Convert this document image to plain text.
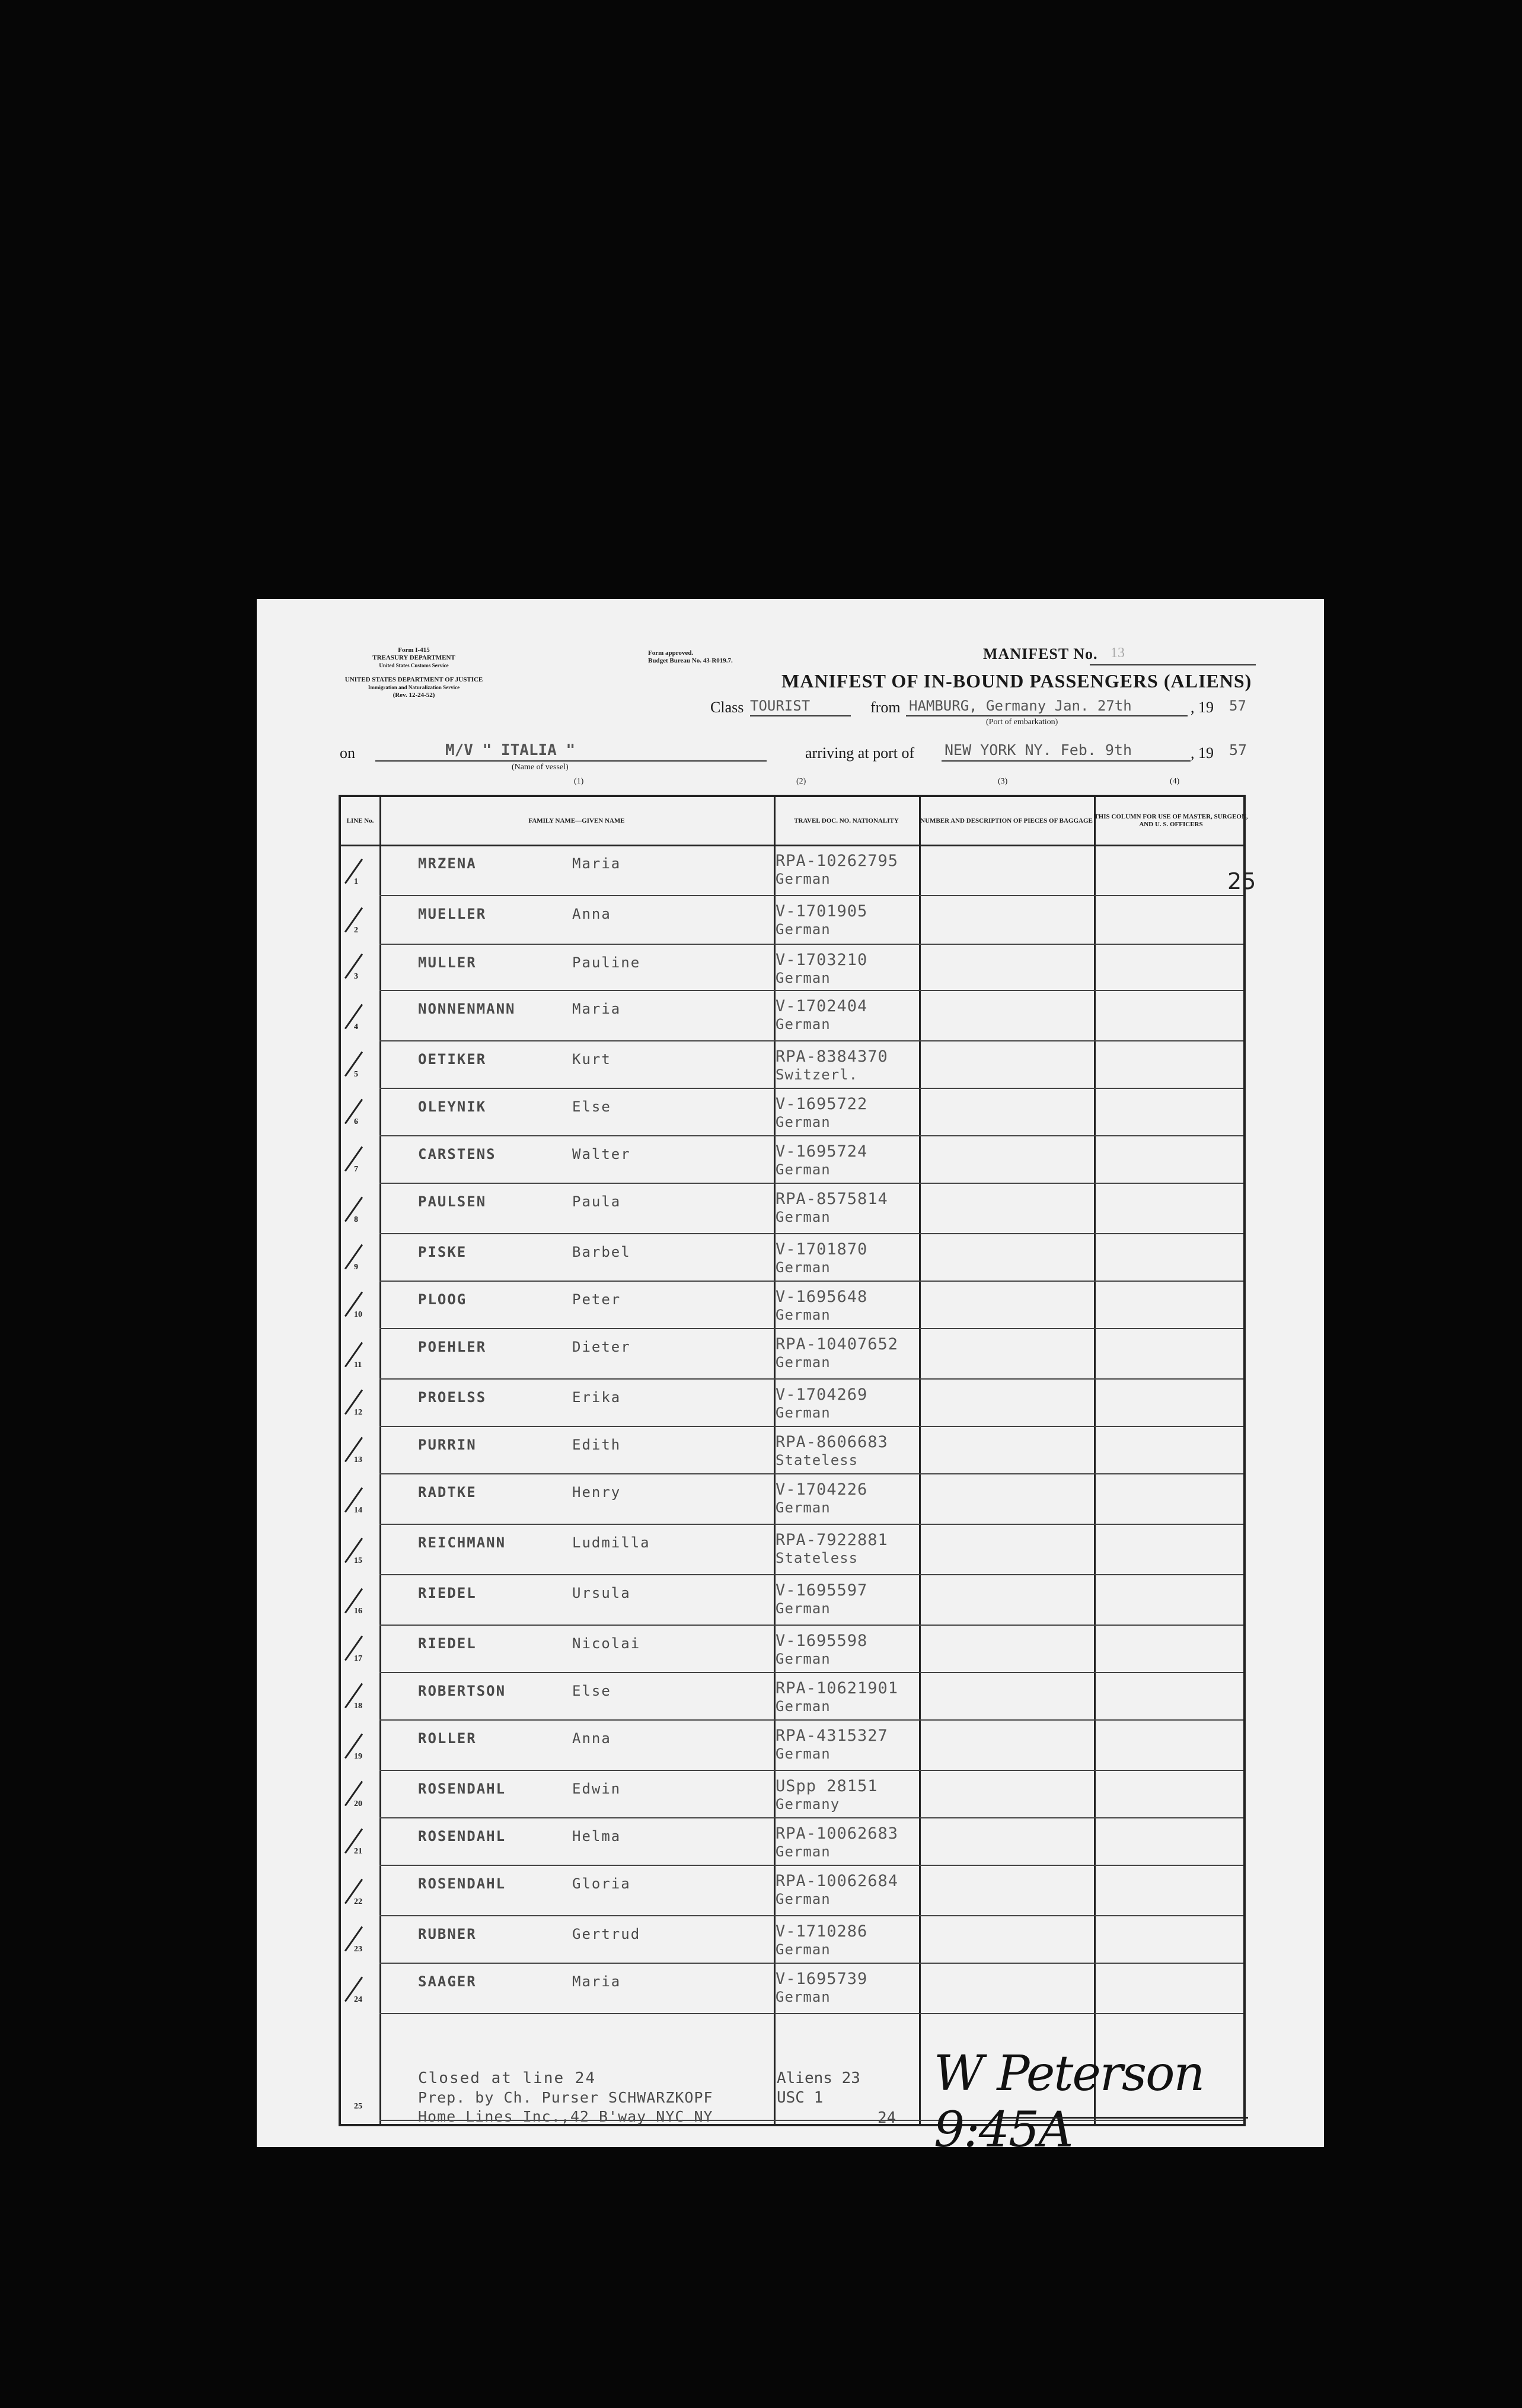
Form I-415
TREASURY DEPARTMENT
United States Customs Service
UNITED STATES DEPARTMENT OF JUSTICE
Immigration and Naturalization Service
(Rev. 12-24-52)
Form approved.
Budget Bureau No. 43-R019.7.	MANIFEST No. 13
MANIFEST OF IN-BOUND PASSENGERS (ALIENS)
Class TOURIST	from HAMBURG, Germany Jan. 27th	, 19 57
(Port of embarkation)
on	M/V " ITALIA "
(Name of vessel)
arriving at port of NEW YORK NY. Feb. 9th	, 19 57
(1)	(2)	(3)	(4)
LINE No.	FAMILY NAME—GIVEN NAME	TRAVEL DOC. NO. NATIONALITY	NUMBER AND DESCRIPTION OF PIECES OF BAGGAGE
THIS COLUMN FOR USE OF MASTER, SURGEON, AND U. S. OFFICERS
1
MRZENA	Maria	RPA-10262795
German
2
MUELLER	Anna	V-1701905
German
3
MULLER	Pauline	V-1703210
German
4
NONNENMANN	Maria	V-1702404
German
5
OETIKER	Kurt	RPA-8384370
Switzerl.
6
OLEYNIK	Else	V-1695722
German
7
CARSTENS	Walter	V-1695724
German
8
PAULSEN	Paula	RPA-8575814
German
9
PISKE	Barbel	V-1701870
German
10
PLOOG	Peter	V-1695648
German
11
POEHLER	Dieter	RPA-10407652
German
12
PROELSS	Erika	V-1704269
German
13
PURRIN	Edith	RPA-8606683
Stateless
14
RADTKE	Henry	V-1704226
German
15
REICHMANN	Ludmilla	RPA-7922881
Stateless
16
RIEDEL	Ursula	V-1695597
German
17
RIEDEL	Nicolai	V-1695598
German
18
ROBERTSON	Else	RPA-10621901
German
19
ROLLER	Anna	RPA-4315327
German
20
ROSENDAHL	Edwin	USpp 28151
Germany
21
ROSENDAHL	Helma	RPA-10062683
German
22
ROSENDAHL	Gloria	RPA-10062684
German
23
RUBNER	Gertrud	V-1710286
German
24
SAAGER	Maria	V-1695739
German
25
25
Closed at line 24
Prep. by Ch. Purser SCHWARZKOPF
Home Lines Inc.,42 B'way NYC NY
Aliens 23
USC 1
24
W Peterson 9:45A
